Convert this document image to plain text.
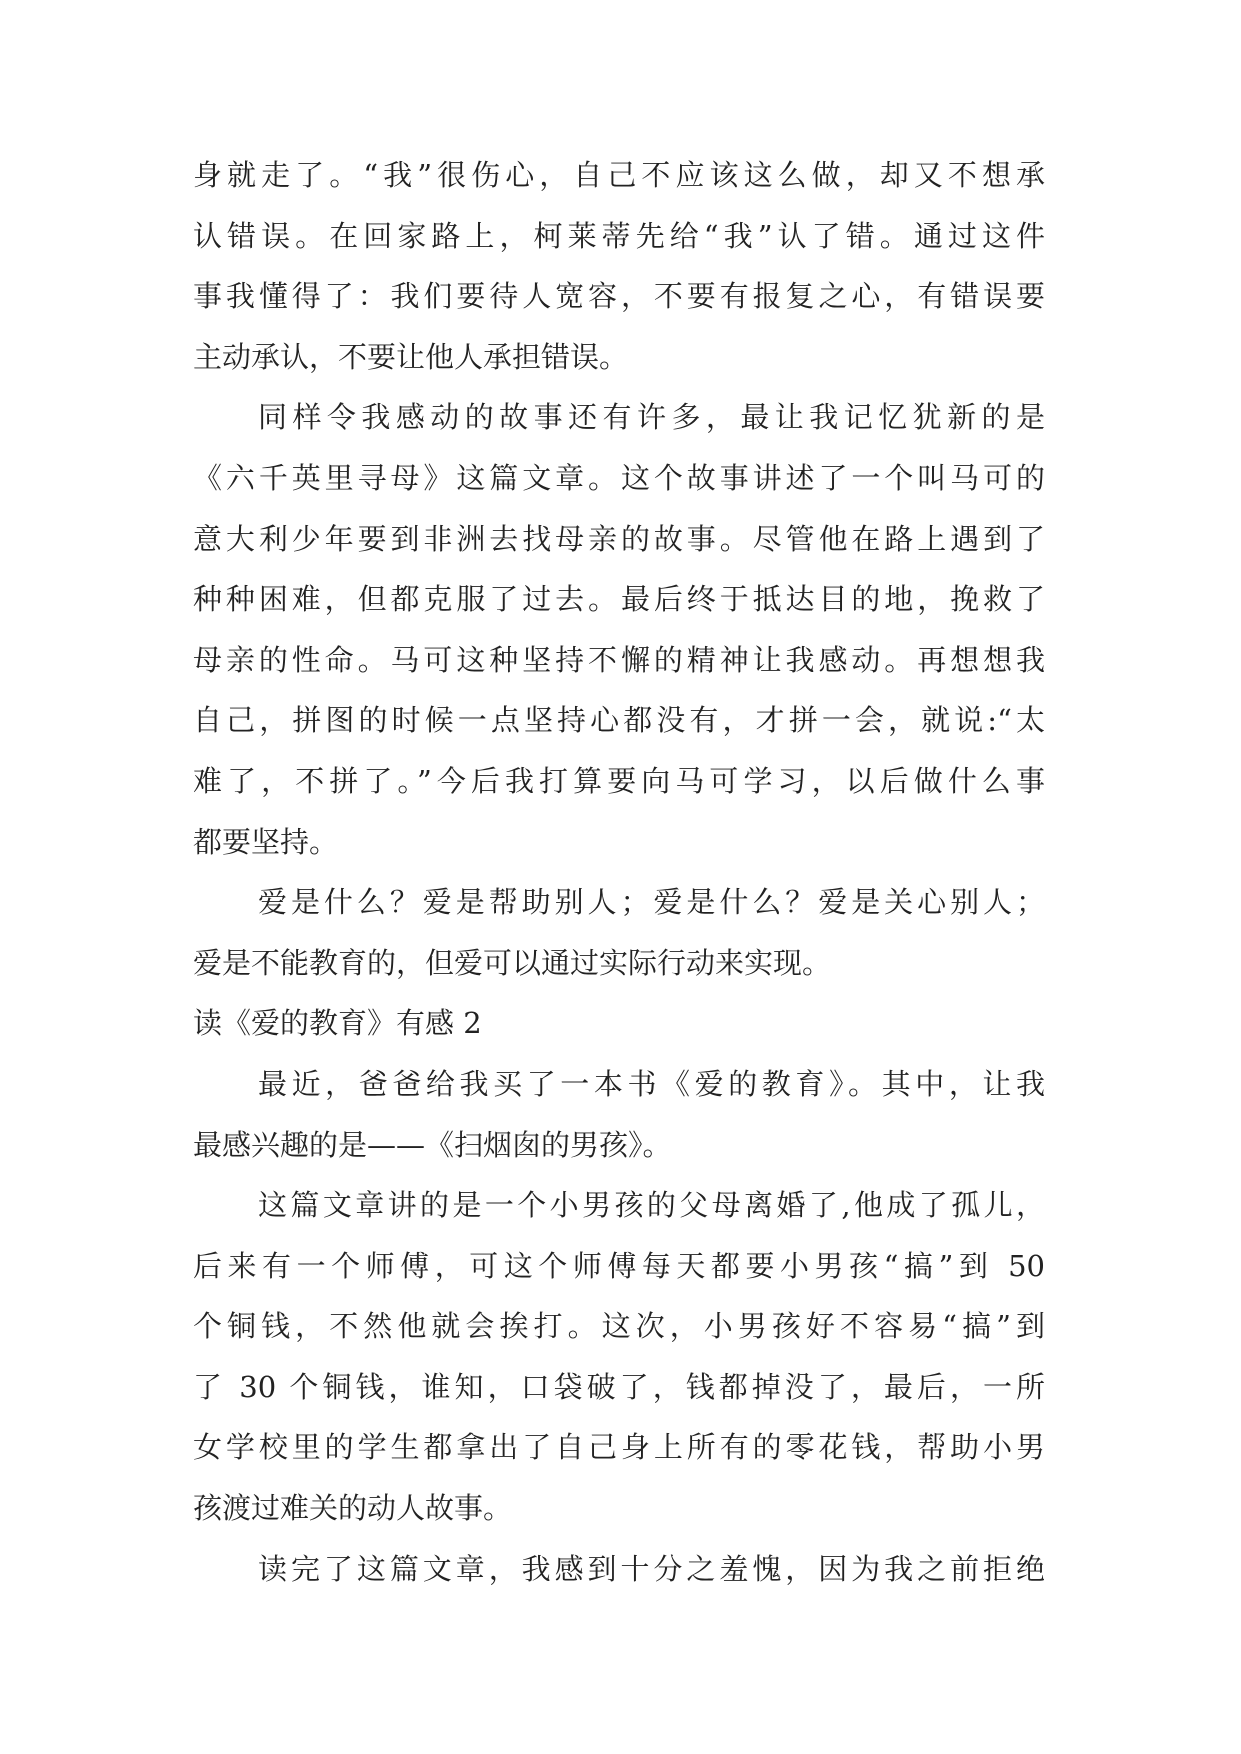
身就走了。“我”很伤心，自己不应该这么做，却又不想承
认错误。在回家路上，柯莱蒂先给“我”认了错。通过这件
事我懂得了：我们要待人宽容，不要有报复之心，有错误要
主动承认，不要让他人承担错误。
同样令我感动的故事还有许多，最让我记忆犹新的是
《六千英里寻母》这篇文章。这个故事讲述了一个叫马可的
意大利少年要到非洲去找母亲的故事。尽管他在路上遇到了
种种困难，但都克服了过去。最后终于抵达目的地，挽救了
母亲的性命。马可这种坚持不懈的精神让我感动。再想想我
自己，拼图的时候一点坚持心都没有，才拼一会，就说:“太
难了，不拼了。”今后我打算要向马可学习，以后做什么事
都要坚持。
爱是什么？爱是帮助别人；爱是什么？爱是关心别人；
爱是不能教育的，但爱可以通过实际行动来实现。
读《爱的教育》有感 2
最近，爸爸给我买了一本书《爱的教育》。其中，让我
最感兴趣的是——《扫烟囱的男孩》。
这篇文章讲的是一个小男孩的父母离婚了,他成了孤儿，
后来有一个师傅，可这个师傅每天都要小男孩“搞”到 50
个铜钱，不然他就会挨打。这次，小男孩好不容易“搞”到
了 30 个铜钱，谁知，口袋破了，钱都掉没了，最后，一所
女学校里的学生都拿出了自己身上所有的零花钱，帮助小男
孩渡过难关的动人故事。
读完了这篇文章，我感到十分之羞愧，因为我之前拒绝
